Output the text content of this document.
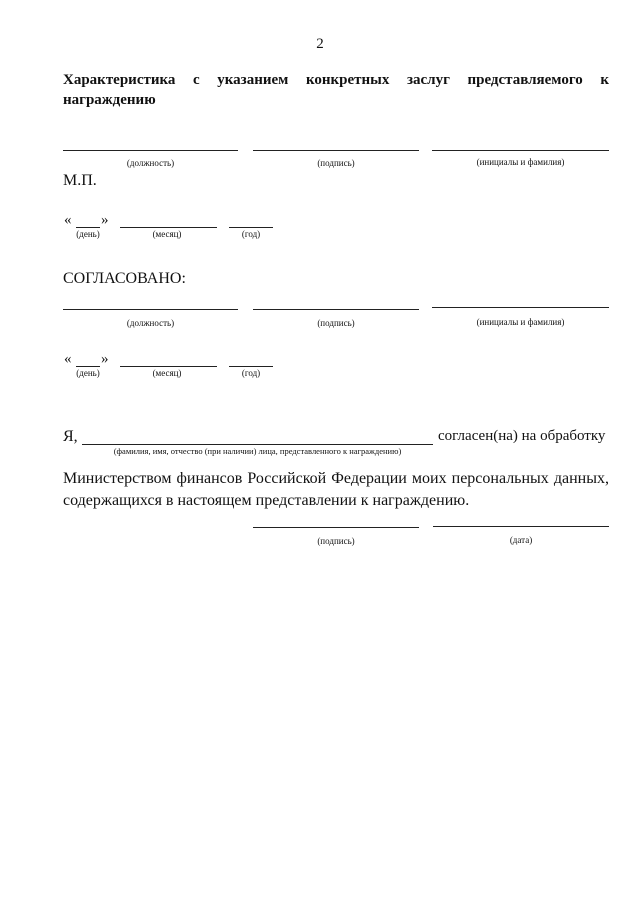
2
Характеристика с указанием конкретных заслуг представляемого к
награждению
(должность)	(подпись)	(инициалы и фамилия)
М.П.
« »
(день)	(месяц)	(год)
СОГЛАСОВАНО:
(должность)	(подпись)	(инициалы и фамилия)
« »
(день)	(месяц)	(год)
Я,	согласен(на) на обработку
(фамилия, имя, отчество (при наличии) лица, представленного к награждению)
Министерством финансов Российской Федерации моих персональных данных,
содержащихся в настоящем представлении к награждению.
(подпись)	(дата)
